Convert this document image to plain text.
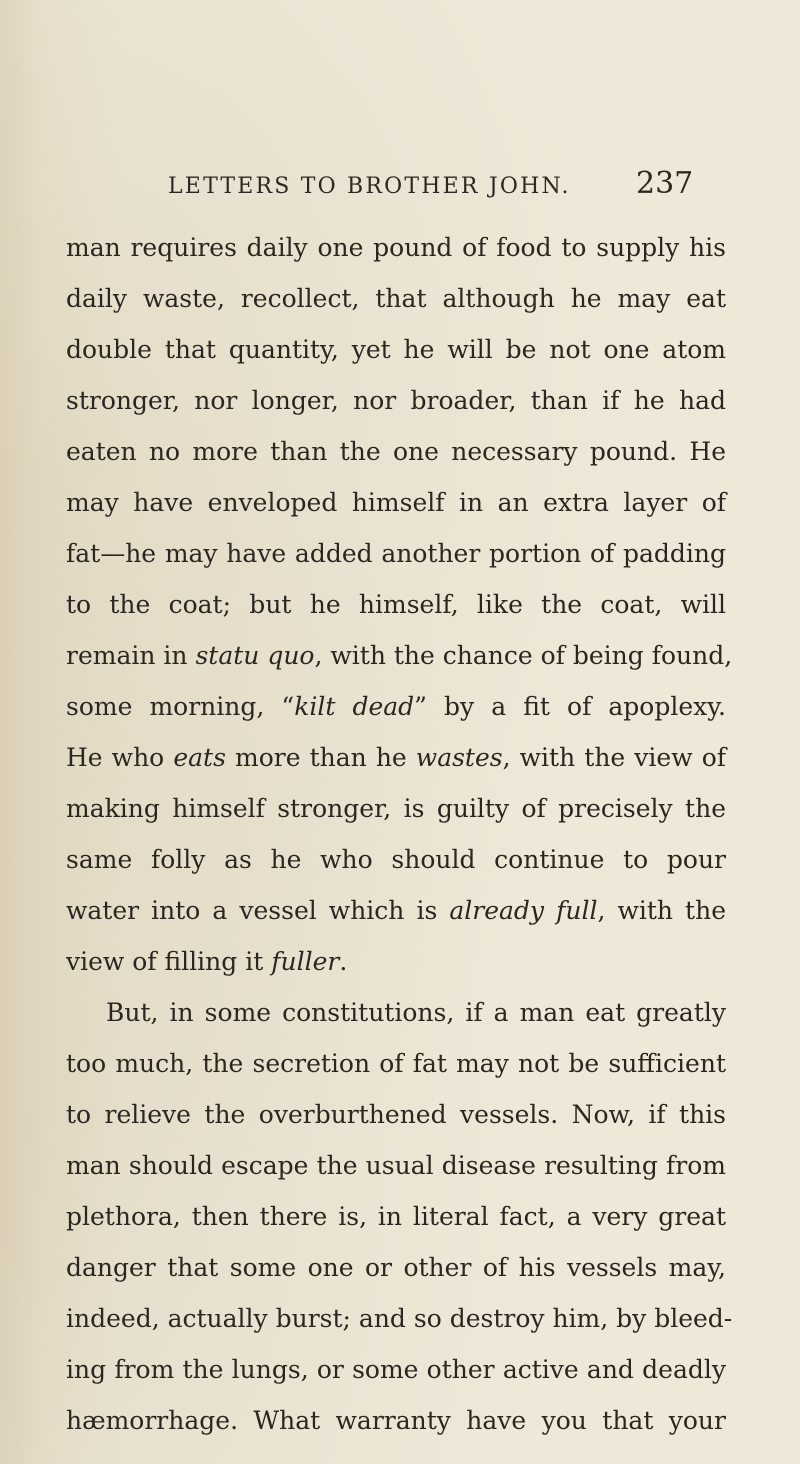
LETTERS TO BROTHER JOHN. 237
man requires daily one pound of food to supply his
daily waste, recollect, that although he may eat
double that quantity, yet he will be not one atom
stronger, nor longer, nor broader, than if he had
eaten no more than the one necessary pound. He
may have enveloped himself in an extra layer of
fat—he may have added another portion of padding
to the coat; but he himself, like the coat, will
remain in statu quo, with the chance of being found,
some morning, “kilt dead” by a fit of apoplexy.
He who eats more than he wastes, with the view of
making himself stronger, is guilty of precisely the
same folly as he who should continue to pour
water into a vessel which is already full, with the
view of filling it fuller.
But, in some constitutions, if a man eat greatly
too much, the secretion of fat may not be sufficient
to relieve the overburthened vessels. Now, if this
man should escape the usual disease resulting from
plethora, then there is, in literal fact, a very great
danger that some one or other of his vessels may,
indeed, actually burst; and so destroy him, by bleed-
ing from the lungs, or some other active and deadly
hæmorrhage. What warranty have you that your
